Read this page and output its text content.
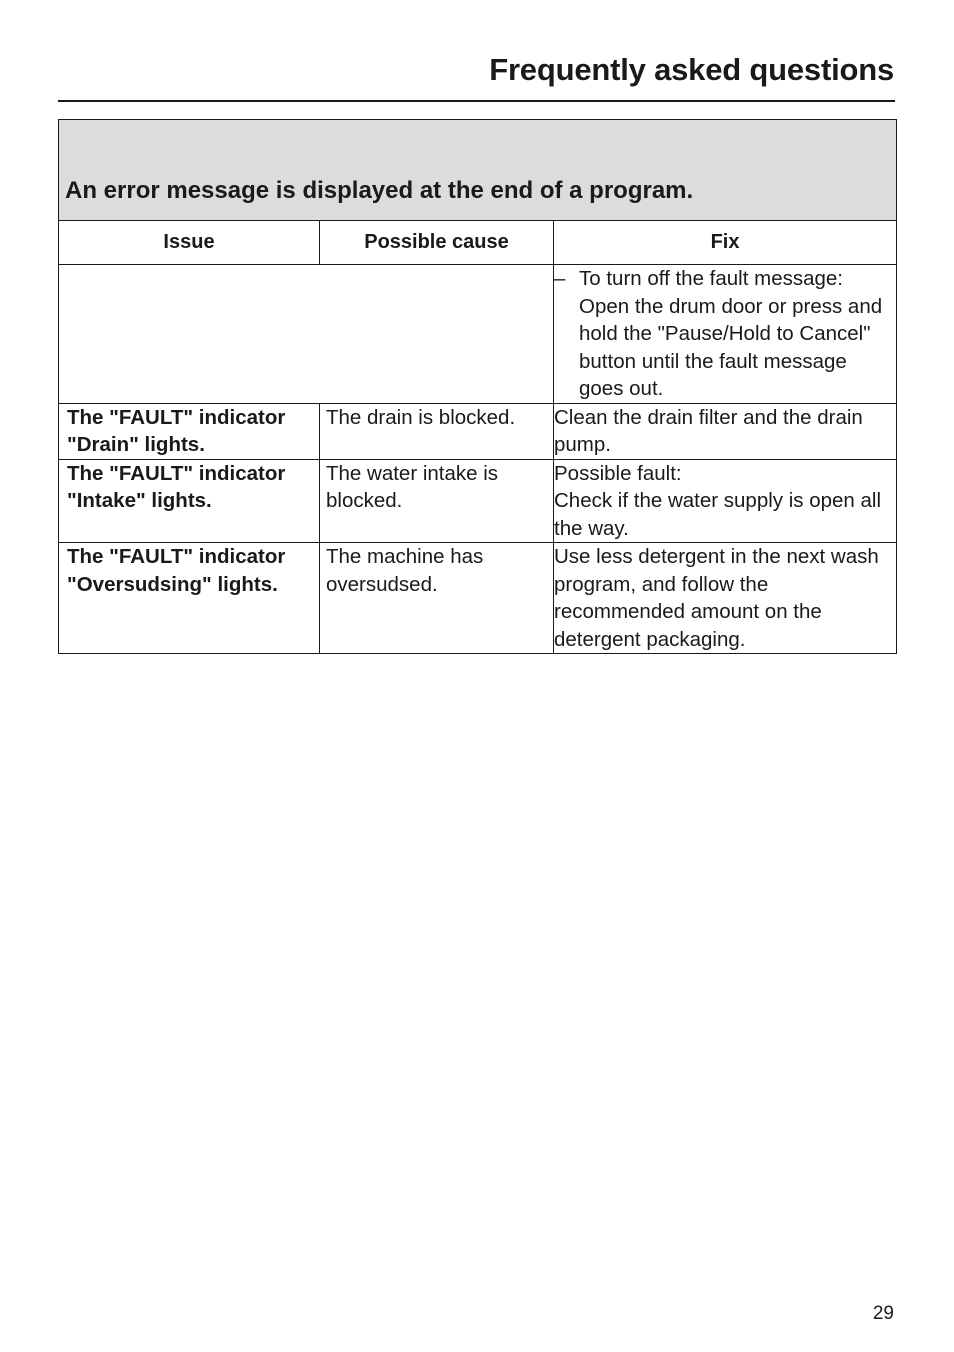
Frequently asked questions
An error message is displayed at the end of a program.		
Issue	Possible cause	Fix

		– To turn off the fault message: Open the drum door or press and hold the "Pause/Hold to Cancel" button until the fault message goes out.

The "FAULT" indicator "Drain" lights.	The drain is blocked.	Clean the drain filter and the drain pump.
The "FAULT" indicator "Intake" lights.	The water intake is blocked.	Possible fault:
Check if the water supply is open all the way.

The "FAULT" indicator "Oversudsing" lights.	The machine has oversudsed.	Use less detergent in the next wash program, and follow the recommended amount on the detergent packaging.
29
